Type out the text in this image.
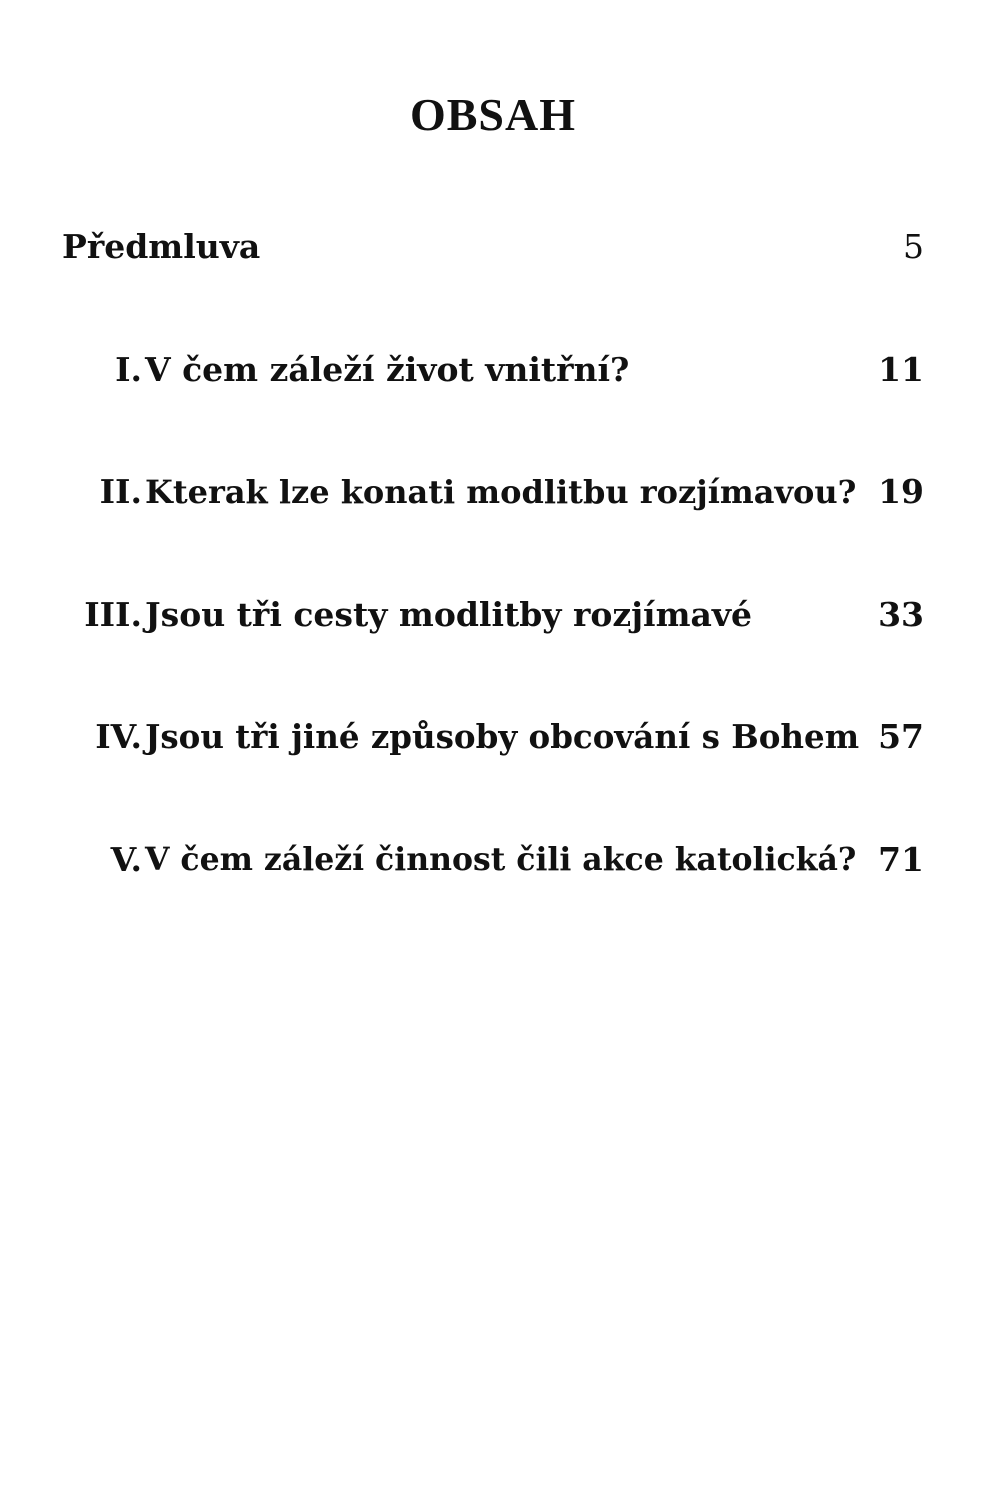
OBSAH
Předmluva	5
I. V čem záleží život vnitřní?	11
II. Kterak lze konati modlitbu rozjímavou? 19
III. Jsou tři cesty modlitby rozjímavé	33
IV. Jsou tři jiné způsoby obcování s Bohem 57
V. V čem záleží činnost čili akce katolická? 71
